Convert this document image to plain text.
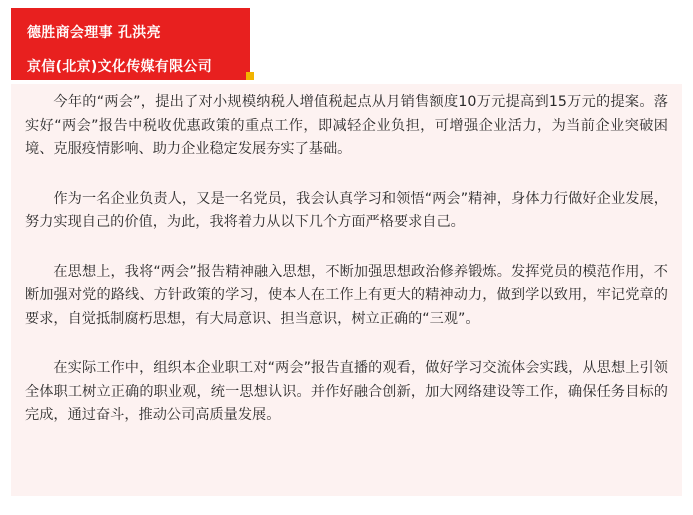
德胜商会理事 孔洪亮
京信(北京)文化传媒有限公司

今年的“两会”，提出了对小规模纳税人增值税起点从月销售额度10万元提高到15万元的提案。落实好“两会”报告中税收优惠政策的重点工作，即减轻企业负担，可增强企业活力，为当前企业突破困境、克服疫情影响、助力企业稳定发展夯实了基础。

作为一名企业负责人，又是一名党员，我会认真学习和领悟“两会”精神，身体力行做好企业发展，努力实现自己的价值，为此，我将着力从以下几个方面严格要求自己。

在思想上，我将“两会”报告精神融入思想，不断加强思想政治修养锻炼。发挥党员的模范作用，不断加强对党的路线、方针政策的学习，使本人在工作上有更大的精神动力，做到学以致用，牢记党章的要求，自觉抵制腐朽思想，有大局意识、担当意识，树立正确的“三观”。

在实际工作中，组织本企业职工对“两会”报告直播的观看，做好学习交流体会实践，从思想上引领全体职工树立正确的职业观，统一思想认识。并作好融合创新，加大网络建设等工作，确保任务目标的完成，通过奋斗，推动公司高质量发展。
